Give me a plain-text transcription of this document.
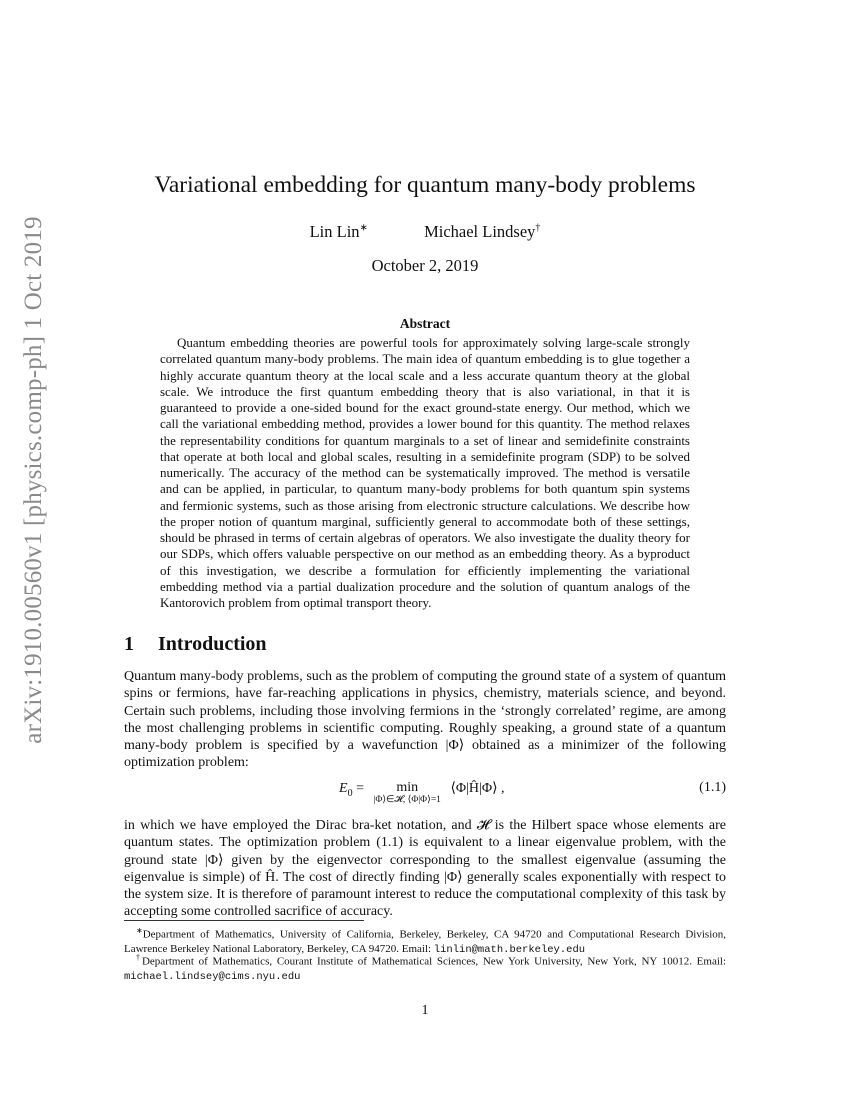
arXiv:1910.00560v1 [physics.comp-ph] 1 Oct 2019
Variational embedding for quantum many-body problems
Lin Lin∗	Michael Lindsey†
October 2, 2019
Abstract

Quantum embedding theories are powerful tools for approximately solving large-scale strongly correlated quantum many-body problems. The main idea of quantum embedding is to glue together a highly accurate quantum theory at the local scale and a less accurate quantum theory at the global scale. We introduce the first quantum embedding theory that is also variational, in that it is guaranteed to provide a one-sided bound for the exact ground-state energy. Our method, which we call the variational embedding method, provides a lower bound for this quantity. The method relaxes the representability conditions for quantum marginals to a set of linear and semidefinite constraints that operate at both local and global scales, resulting in a semidefinite program (SDP) to be solved numerically. The accuracy of the method can be systematically improved. The method is versatile and can be applied, in particular, to quantum many-body problems for both quantum spin systems and fermionic systems, such as those arising from electronic structure calculations. We describe how the proper notion of quantum marginal, sufficiently general to accommodate both of these settings, should be phrased in terms of certain algebras of operators. We also investigate the duality theory for our SDPs, which offers valuable perspective on our method as an embedding theory. As a byproduct of this investigation, we describe a formulation for efficiently implementing the variational embedding method via a partial dualization procedure and the solution of quantum analogs of the Kantorovich problem from optimal transport theory.

1 Introduction

Quantum many-body problems, such as the problem of computing the ground state of a system of quantum spins or fermions, have far-reaching applications in physics, chemistry, materials science, and beyond. Certain such problems, including those involving fermions in the ‘strongly correlated’ regime, are among the most challenging problems in scientific computing. Roughly speaking, a ground state of a quantum many-body problem is specified by a wavefunction |Φ⟩ obtained as a minimizer of the following optimization problem:

$E_0$ =	min
|Φ⟩∈𝓗, ⟨Φ|Φ⟩=1
⟨Φ|Ĥ|Φ⟩ ,	(1.1)

in which we have employed the Dirac bra-ket notation, and 𝓗 is the Hilbert space whose elements are quantum states. The optimization problem (1.1) is equivalent to a linear eigenvalue problem, with the ground state |Φ⟩ given by the eigenvector corresponding to the smallest eigenvalue (assuming the eigenvalue is simple) of Ĥ. The cost of directly finding |Φ⟩ generally scales exponentially with respect to the system size. It is therefore of paramount interest to reduce the computational complexity of this task by accepting some controlled sacrifice of accuracy.

∗Department of Mathematics, University of California, Berkeley, Berkeley, CA 94720 and Computational Research Division, Lawrence Berkeley National Laboratory, Berkeley, CA 94720. Email: linlin@math.berkeley.edu

†Department of Mathematics, Courant Institute of Mathematical Sciences, New York University, New York, NY 10012. Email: michael.lindsey@cims.nyu.edu

1
